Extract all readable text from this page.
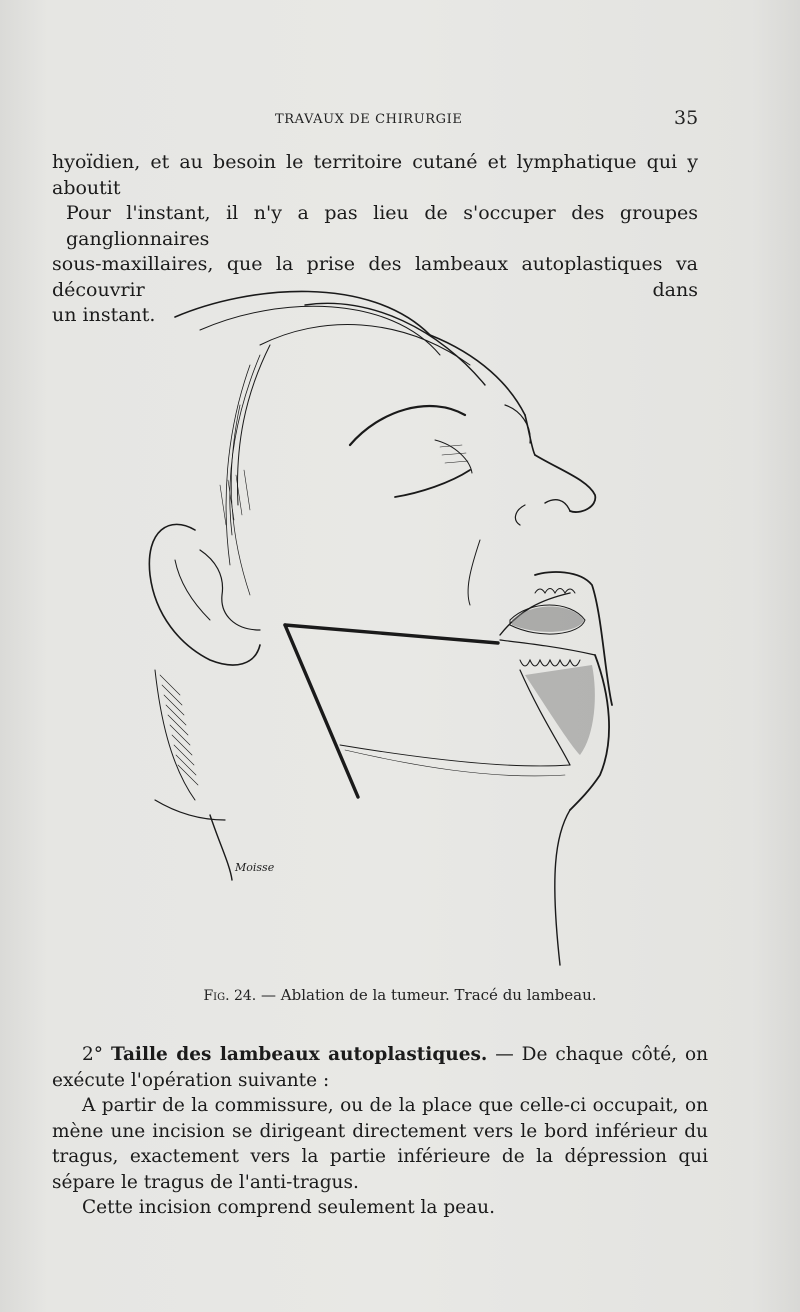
TRAVAUX DE CHIRURGIE	35
hyoïdien, et au besoin le territoire cutané et lymphatique qui y aboutit
Pour l'instant, il n'y a pas lieu de s'occuper des groupes ganglionnaires
sous-maxillaires, que la prise des lambeaux autoplastiques va découvrir dans
un instant.
Moisse
Fig. 24. — Ablation de la tumeur. Tracé du lambeau.

2° Taille des lambeaux autoplastiques. — De chaque côté, on exécute l'opération suivante :

A partir de la commissure, ou de la place que celle-ci occupait, on mène une incision se dirigeant directement vers le bord inférieur du tragus, exactement vers la partie inférieure de la dépression qui sépare le tragus de l'anti-tragus.

Cette incision comprend seulement la peau.
